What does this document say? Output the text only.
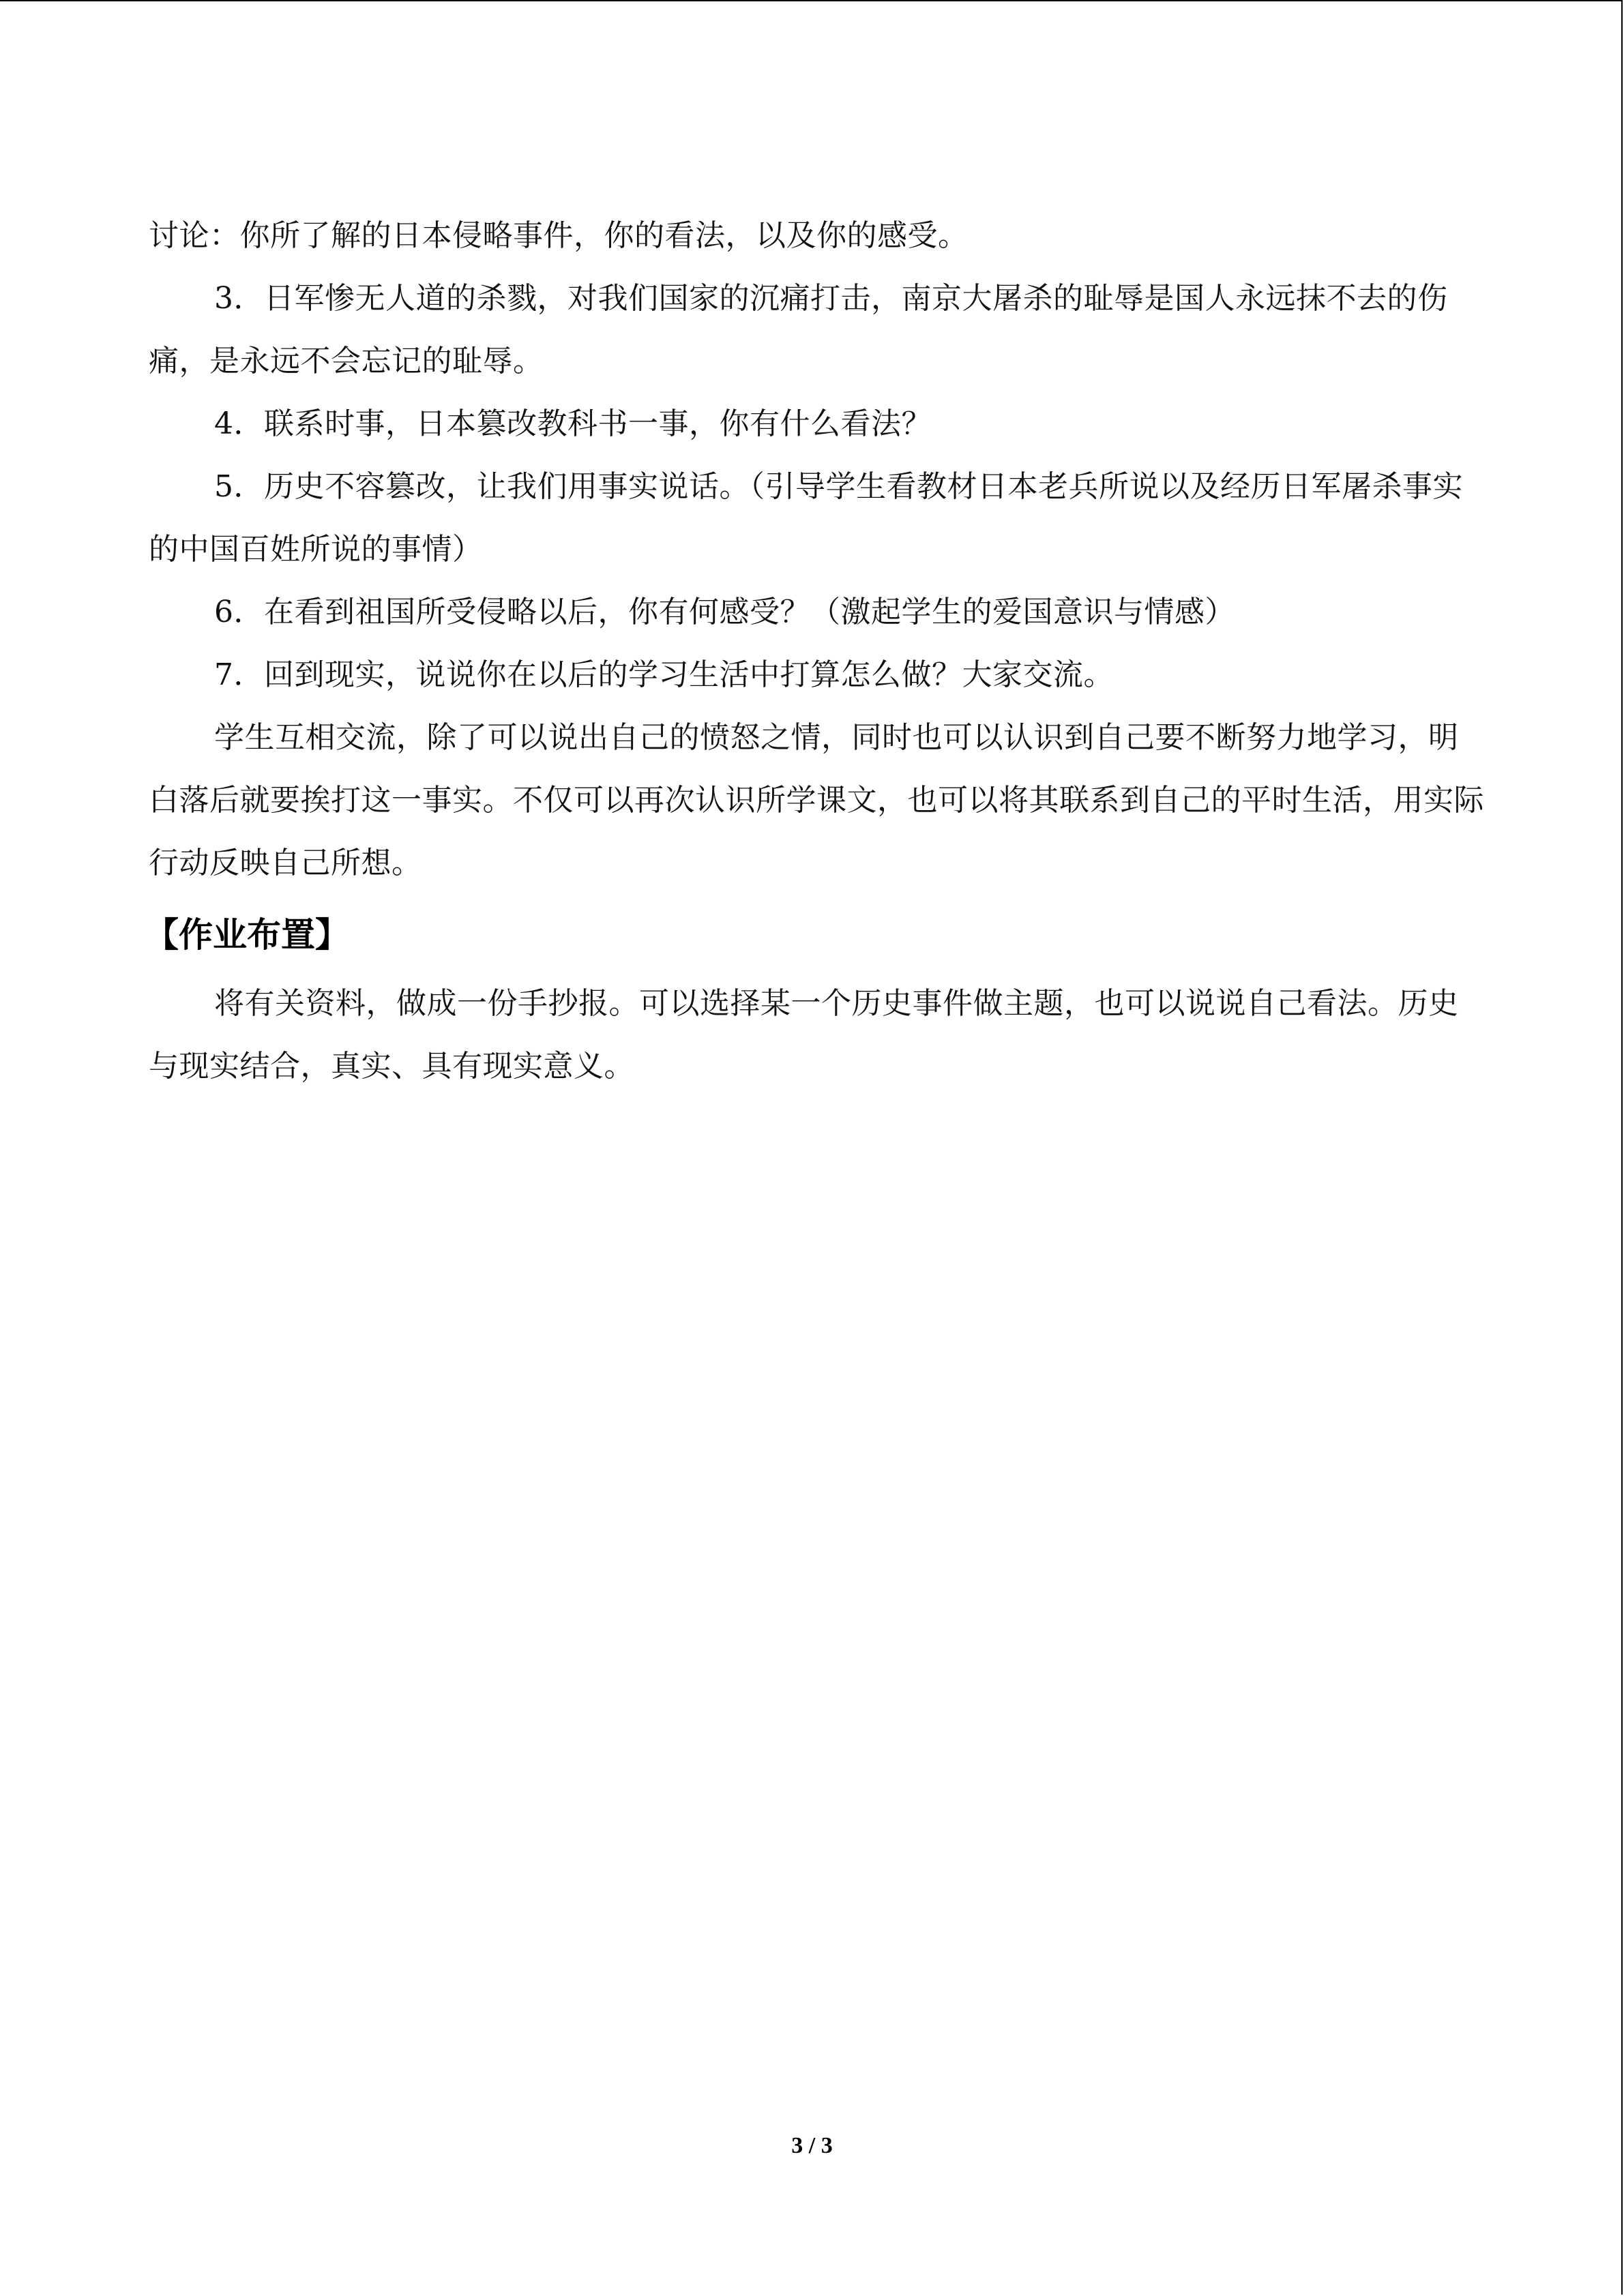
讨论：你所了解的日本侵略事件，你的看法，以及你的感受。

3．日军惨无人道的杀戮，对我们国家的沉痛打击，南京大屠杀的耻辱是国人永远抹不去的伤痛，是永远不会忘记的耻辱。

4．联系时事，日本篡改教科书一事，你有什么看法？

5．历史不容篡改，让我们用事实说话。（引导学生看教材日本老兵所说以及经历日军屠杀事实的中国百姓所说的事情）

6．在看到祖国所受侵略以后，你有何感受？（激起学生的爱国意识与情感）

7．回到现实，说说你在以后的学习生活中打算怎么做？大家交流。

学生互相交流，除了可以说出自己的愤怒之情，同时也可以认识到自己要不断努力地学习，明白落后就要挨打这一事实。不仅可以再次认识所学课文，也可以将其联系到自己的平时生活，用实际行动反映自己所想。

【作业布置】

将有关资料，做成一份手抄报。可以选择某一个历史事件做主题，也可以说说自己看法。历史与现实结合，真实、具有现实意义。

3 / 3
